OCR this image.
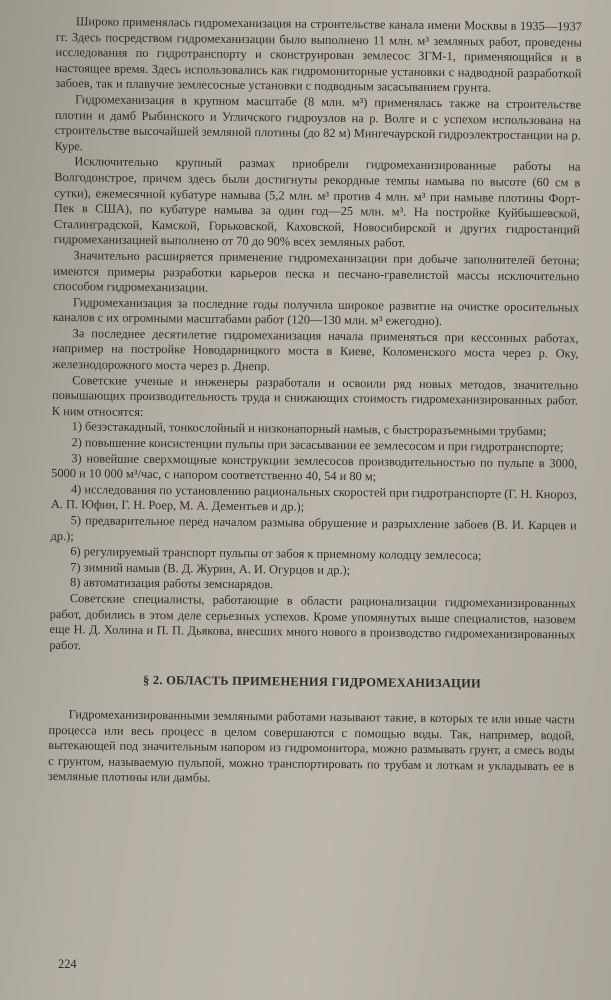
Широко применялась гидромеханизация на строительстве канала имени Москвы в 1935—1937 гг. Здесь посредством гидромеханизации было выполнено 11 млн. м³ земляных работ, проведены исследования по гидротранспорту и сконструирован землесос ЗГМ-1, применяющийся и в настоящее время. Здесь использовались как гидромониторные установки с надводной разработкой забоев, так и плавучие землесосные установки с подводным засасыванием грунта.

Гидромеханизация в крупном масштабе (8 млн. м³) применялась также на строительстве плотин и дамб Рыбинского и Угличского гидроузлов на р. Волге и с успехом использована на строительстве высочайшей земляной плотины (до 82 м) Мингечаурской гидроэлектростанции на р. Куре.

Исключительно крупный размах приобрели гидромеханизированные работы на Волгодонстрое, причем здесь были достигнуты рекордные темпы намыва по высоте (60 см в сутки), ежемесячной кубатуре намыва (5,2 млн. м³ против 4 млн. м³ при намыве плотины Форт-Пек в США), по кубатуре намыва за один год—25 млн. м³. На постройке Куйбышевской, Сталинградской, Камской, Горьковской, Каховской, Новосибирской и других гидростанций гидромеханизацией выполнено от 70 до 90% всех земляных работ.

Значительно расширяется применение гидромеханизации при добыче заполнителей бетона; имеются примеры разработки карьеров песка и песчано-гравелистой массы исключительно способом гидромеханизации.

Гидромеханизация за последние годы получила широкое развитие на очистке оросительных каналов с их огромными масштабами работ (120—130 млн. м³ ежегодно).

За последнее десятилетие гидромеханизация начала применяться при кессонных работах, например на постройке Новодарницкого моста в Киеве, Коломенского моста через р. Оку, железнодорожного моста через р. Днепр.

Советские ученые и инженеры разработали и освоили ряд новых методов, значительно повышающих производительность труда и снижающих стоимость гидромеханизированных работ. К ним относятся:

1) безэстакадный, тонкослойный и низконапорный намыв, с быстроразъемными трубами;

2) повышение консистенции пульпы при засасывании ее землесосом и при гидротранспорте;

3) новейшие сверхмощные конструкции землесосов производительностью по пульпе в 3000, 5000 и 10 000 м³/час, с напором соответственно 40, 54 и 80 м;

4) исследования по установлению рациональных скоростей при гидротранспорте (Г. Н. Кнороз, А. П. Юфин, Г. Н. Роер, М. А. Дементьев и др.);

5) предварительное перед началом размыва обрушение и разрыхление забоев (В. И. Карцев и др.);

6) регулируемый транспорт пульпы от забоя к приемному колодцу землесоса;

7) зимний намыв (В. Д. Журин, А. И. Огурцов и др.);

8) автоматизация работы земснарядов.

Советские специалисты, работающие в области рационализации гидромеханизированных работ, добились в этом деле серьезных успехов. Кроме упомянутых выше специалистов, назовем еще Н. Д. Холина и П. П. Дьякова, внесших много нового в производство гидромеханизированных работ.

§ 2. ОБЛАСТЬ ПРИМЕНЕНИЯ ГИДРОМЕХАНИЗАЦИИ

Гидромеханизированными земляными работами называют такие, в которых те или иные части процесса или весь процесс в целом совершаются с помощью воды. Так, например, водой, вытекающей под значительным напором из гидромонитора, можно размывать грунт, а смесь воды с грунтом, называемую пульпой, можно транспортировать по трубам и лоткам и укладывать ее в земляные плотины или дамбы.

224
